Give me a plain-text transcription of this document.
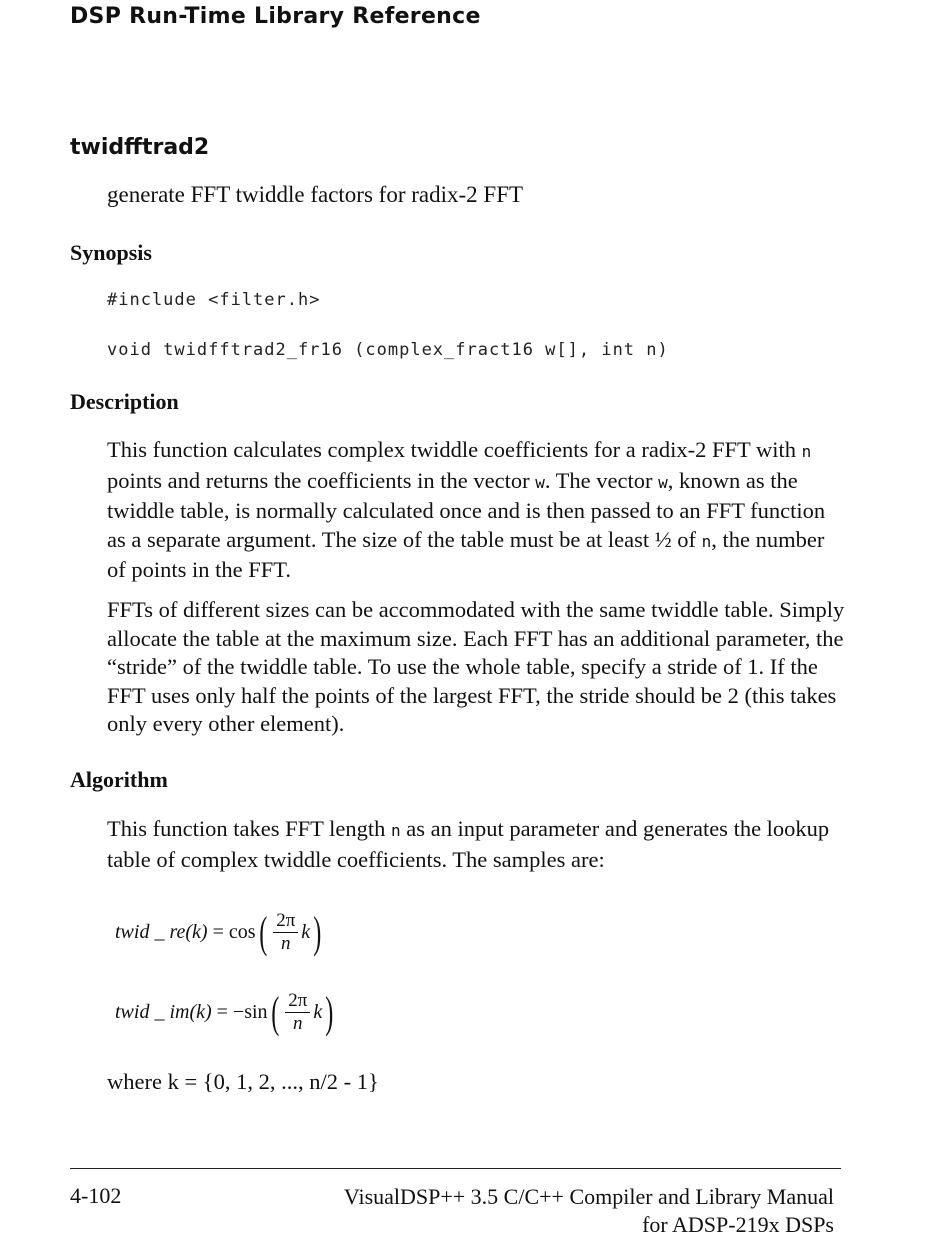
DSP Run-Time Library Reference
twidfftrad2
generate FFT twiddle factors for radix-2 FFT
Synopsis
#include <filter.h>
void twidfftrad2_fr16 (complex_fract16 w[], int n)
Description

This function calculates complex twiddle coefficients for a radix-2 FFT with n points and returns the coefficients in the vector w. The vector w, known as the twiddle table, is normally calculated once and is then passed to an FFT function as a separate argument. The size of the table must be at least ½ of n, the number of points in the FFT.

FFTs of different sizes can be accommodated with the same twiddle table. Simply allocate the table at the maximum size. Each FFT has an additional parameter, the “stride” of the twiddle table. To use the whole table, specify a stride of 1. If the FFT uses only half the points of the largest FFT, the stride should be 2 (this takes only every other element).

Algorithm

This function takes FFT length n as an input parameter and generates the lookup table of complex twiddle coefficients. The samples are:

twid _ re(k)
= cos ( $\frac{2\pi}{n}$ k )
twid _ im(k)
= −sin ( $\frac{2\pi}{n}$ k )

where k = {0, 1, 2, ..., n/2 - 1}

4-102	VisualDSP++ 3.5 C/C++ Compiler and Library Manual
for ADSP-219x DSPs
